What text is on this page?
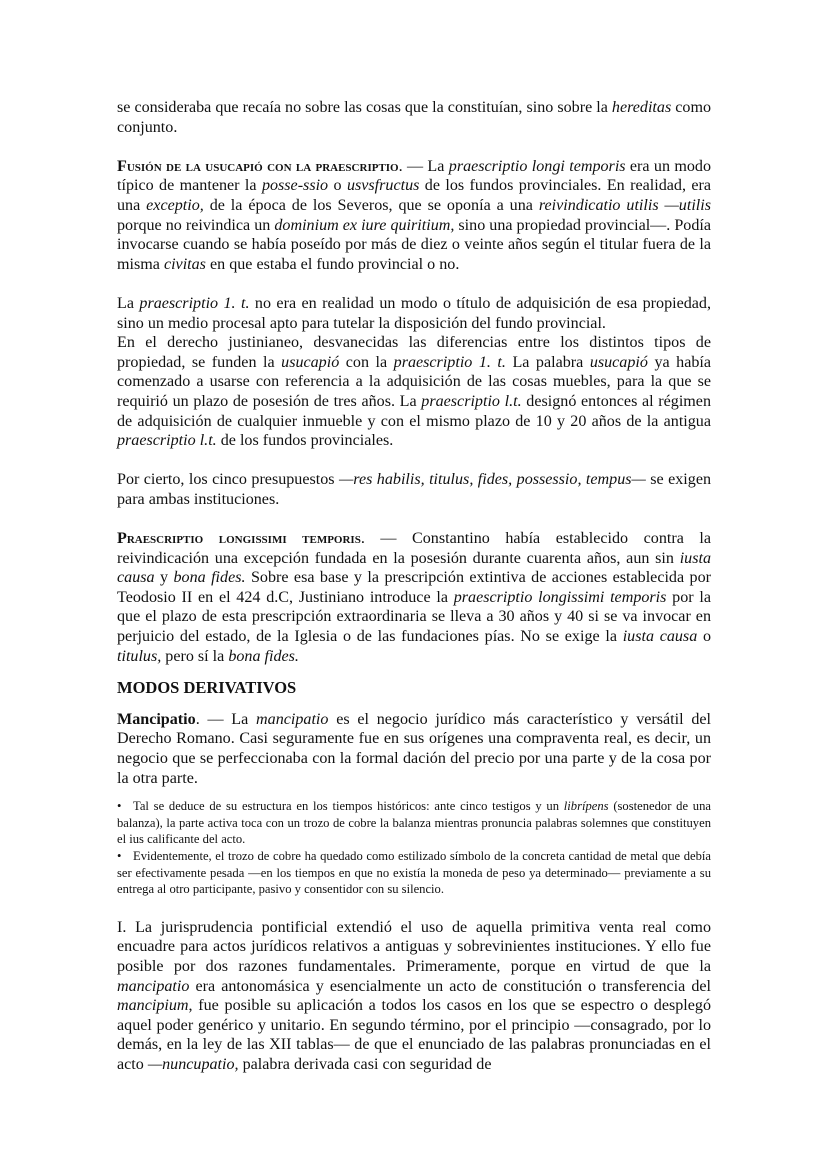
se consideraba que recaía no sobre las cosas que la constituían, sino sobre la hereditas como conjunto.

Fusión de la usucapió con la praescriptio. — La praescriptio longi temporis era un modo típico de mantener la posse-ssio o usvsfructus de los fundos provinciales. En realidad, era una exceptio, de la época de los Severos, que se oponía a una reivindicatio utilis —utilis porque no reivindica un dominium ex iure quiritium, sino una propiedad provincial—. Podía invocarse cuando se había poseído por más de diez o veinte años según el titular fuera de la misma civitas en que estaba el fundo provincial o no.

La praescriptio 1. t. no era en realidad un modo o título de adquisición de esa propiedad, sino un medio procesal apto para tutelar la disposición del fundo provincial.

En el derecho justinianeo, desvanecidas las diferencias entre los distintos tipos de propiedad, se funden la usucapió con la praescriptio 1. t. La palabra usucapió ya había comenzado a usarse con referencia a la adquisición de las cosas muebles, para la que se requirió un plazo de posesión de tres años. La praescriptio l.t. designó entonces al régimen de adquisición de cualquier inmueble y con el mismo plazo de 10 y 20 años de la antigua praescriptio l.t. de los fundos provinciales.

Por cierto, los cinco presupuestos —res habilis, titulus, fides, possessio, tempus— se exigen para ambas instituciones.

Praescriptio longissimi temporis. — Constantino había establecido contra la reivindicación una excepción fundada en la posesión durante cuarenta años, aun sin iusta causa y bona fides. Sobre esa base y la prescripción extintiva de acciones establecida por Teodosio II en el 424 d.C, Justiniano introduce la praescriptio longissimi temporis por la que el plazo de esta prescripción extraordinaria se lleva a 30 años y 40 si se va invocar en perjuicio del estado, de la Iglesia o de las fundaciones pías. No se exige la iusta causa o titulus, pero sí la bona fides.

MODOS DERIVATIVOS

Mancipatio. — La mancipatio es el negocio jurídico más característico y versátil del Derecho Romano. Casi seguramente fue en sus orígenes una compraventa real, es decir, un negocio que se perfeccionaba con la formal dación del precio por una parte y de la cosa por la otra parte.

• Tal se deduce de su estructura en los tiempos históricos: ante cinco testigos y un librípens (sostenedor de una balanza), la parte activa toca con un trozo de cobre la balanza mientras pronuncia palabras solemnes que constituyen el ius calificante del acto.

• Evidentemente, el trozo de cobre ha quedado como estilizado símbolo de la concreta cantidad de metal que debía ser efectivamente pesada —en los tiempos en que no existía la moneda de peso ya determinado— previamente a su entrega al otro participante, pasivo y consentidor con su silencio.

I. La jurisprudencia pontificial extendió el uso de aquella primitiva venta real como encuadre para actos jurídicos relativos a antiguas y sobrevinientes instituciones. Y ello fue posible por dos razones fundamentales. Primeramente, porque en virtud de que la mancipatio era antonomásica y esencialmente un acto de constitución o transferencia del mancipium, fue posible su aplicación a todos los casos en los que se espectro o desplegó aquel poder genérico y unitario. En segundo término, por el principio —consagrado, por lo demás, en la ley de las XII tablas— de que el enunciado de las palabras pronunciadas en el acto —nuncupatio, palabra derivada casi con seguridad de
